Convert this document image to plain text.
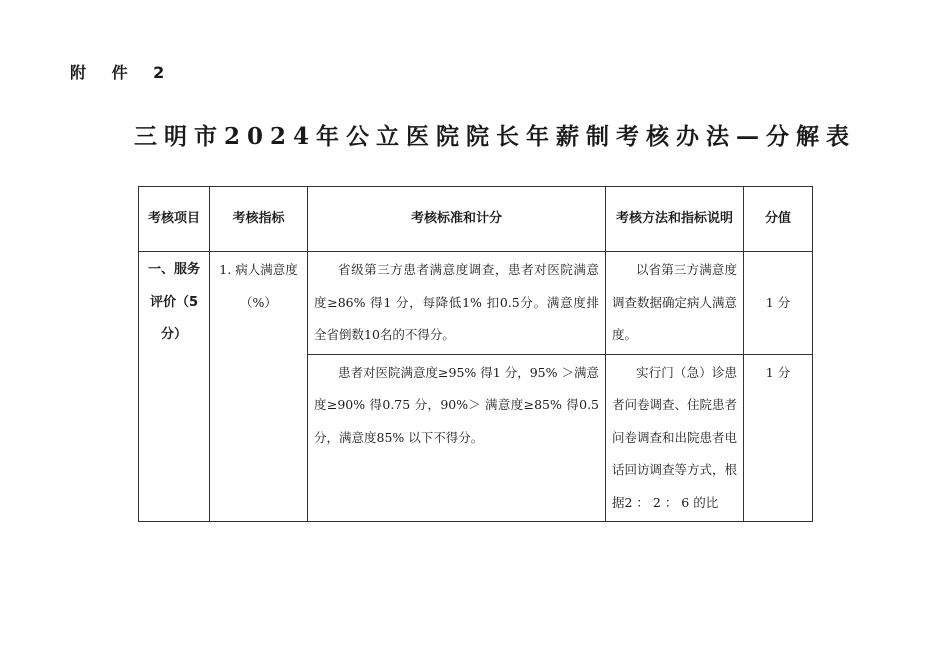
附 件 2
三明市2024年公立医院院长年薪制考核办法—分解表
考核项目	考核指标	考核标准和计分	考核方法和指标说明	分值
一、服务评价（5分）	1. 病人满意度（%）	省级第三方患者满意度调查，患者对医院满意度≥86% 得1 分，每降低1% 扣0.5分。满意度排全省倒数10名的不得分。	以省第三方满意度调查数据确定病人满意度。	1 分
		患者对医院满意度≥95% 得1 分，95% ＞满意度≥90% 得0.75 分，90%＞ 满意度≥85% 得0.5分，满意度85% 以下不得分。	实行门（急）诊患者问卷调查、住院患者问卷调查和出院患者电话回访调查等方式，根据2 ： 2 ： 6 的比	1 分
